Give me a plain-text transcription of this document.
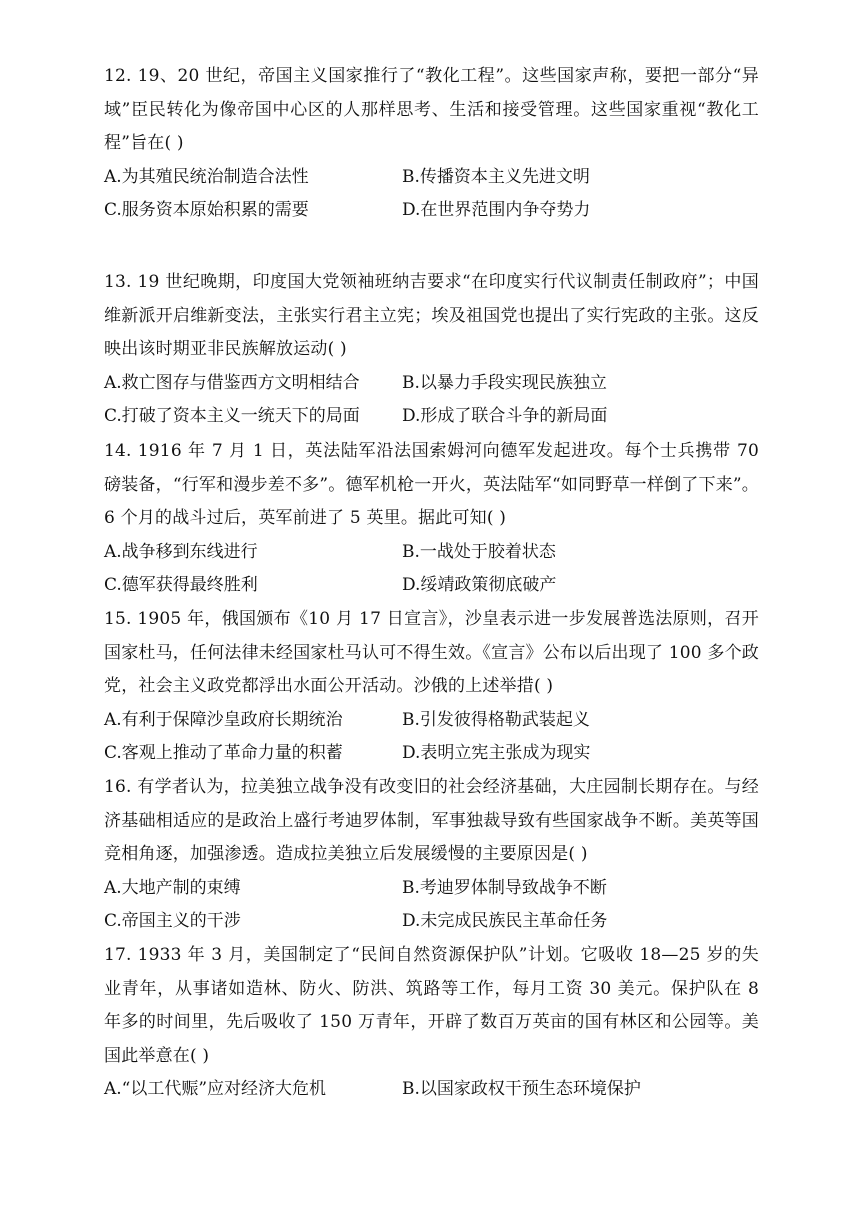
12. 19、20 世纪，帝国主义国家推行了“教化工程”。这些国家声称，要把一部分“异域”臣民转化为像帝国中心区的人那样思考、生活和接受管理。这些国家重视“教化工程”旨在( )

A.为其殖民统治制造合法性	B.传播资本主义先进文明
C.服务资本原始积累的需要	D.在世界范围内争夺势力

13. 19 世纪晚期，印度国大党领袖班纳吉要求“在印度实行代议制责任制政府”；中国维新派开启维新变法，主张实行君主立宪；埃及祖国党也提出了实行宪政的主张。这反映出该时期亚非民族解放运动( )

A.救亡图存与借鉴西方文明相结合	B.以暴力手段实现民族独立
C.打破了资本主义一统天下的局面	D.形成了联合斗争的新局面

14. 1916 年 7 月 1 日，英法陆军沿法国索姆河向德军发起进攻。每个士兵携带 70 磅装备，“行军和漫步差不多”。德军机枪一开火，英法陆军“如同野草一样倒了下来”。6 个月的战斗过后，英军前进了 5 英里。据此可知( )

A.战争移到东线进行	B.一战处于胶着状态
C.德军获得最终胜利	D.绥靖政策彻底破产

15. 1905 年，俄国颁布《10 月 17 日宣言》，沙皇表示进一步发展普选法原则，召开国家杜马，任何法律未经国家杜马认可不得生效。《宣言》公布以后出现了 100 多个政党，社会主义政党都浮出水面公开活动。沙俄的上述举措( )

A.有利于保障沙皇政府长期统治	B.引发彼得格勒武装起义
C.客观上推动了革命力量的积蓄	D.表明立宪主张成为现实

16. 有学者认为，拉美独立战争没有改变旧的社会经济基础，大庄园制长期存在。与经济基础相适应的是政治上盛行考迪罗体制，军事独裁导致有些国家战争不断。美英等国竞相角逐，加强渗透。造成拉美独立后发展缓慢的主要原因是( )

A.大地产制的束缚	B.考迪罗体制导致战争不断
C.帝国主义的干涉	D.未完成民族民主革命任务

17. 1933 年 3 月，美国制定了“民间自然资源保护队”计划。它吸收 18—25 岁的失业青年，从事诸如造林、防火、防洪、筑路等工作，每月工资 30 美元。保护队在 8 年多的时间里，先后吸收了 150 万青年，开辟了数百万英亩的国有林区和公园等。美国此举意在( )

A.“以工代赈”应对经济大危机	B.以国家政权干预生态环境保护
